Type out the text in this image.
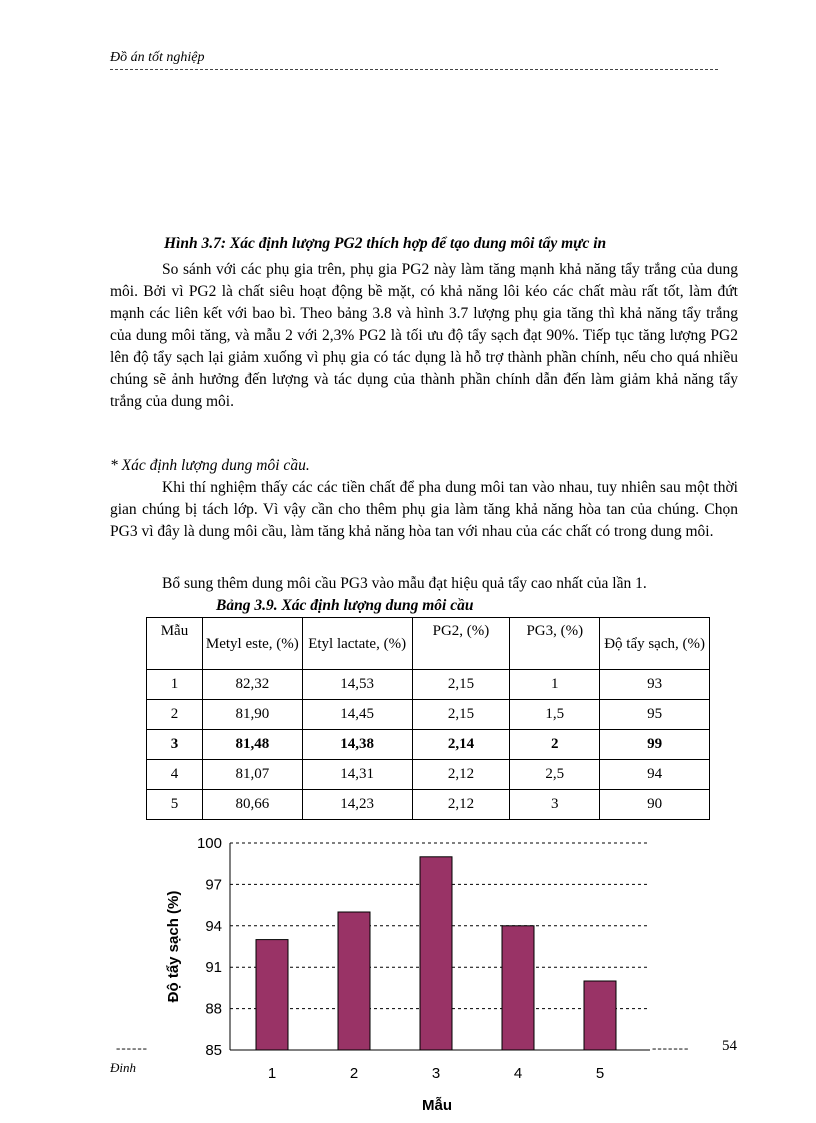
Đồ án tốt nghiệp
Hình 3.7: Xác định lượng PG2 thích hợp để tạo dung môi tẩy mực in
So sánh với các phụ gia trên, phụ gia PG2 này làm tăng mạnh khả năng tẩy trắng của dung môi. Bởi vì PG2 là chất siêu hoạt động bề mặt, có khả năng lôi kéo các chất màu rất tốt, làm đứt mạnh các liên kết với bao bì. Theo bảng 3.8 và hình 3.7 lượng phụ gia tăng thì khả năng tẩy trắng của dung môi tăng, và mẫu 2 với 2,3% PG2 là tối ưu độ tẩy sạch đạt 90%. Tiếp tục tăng lượng PG2 lên độ tẩy sạch lại giảm xuống vì phụ gia có tác dụng là hỗ trợ thành phần chính, nếu cho quá nhiều chúng sẽ ảnh hưởng đến lượng và tác dụng của thành phần chính dẫn đến làm giảm khả năng tẩy trắng của dung môi.
* Xác định lượng dung môi cầu.
Khi thí nghiệm thấy các các tiền chất để pha dung môi tan vào nhau, tuy nhiên sau một thời gian chúng bị tách lớp. Vì vậy cần cho thêm phụ gia làm tăng khả năng hòa tan của chúng. Chọn PG3 vì đây là dung môi cầu, làm tăng khả năng hòa tan với nhau của các chất có trong dung môi.
Bổ sung thêm dung môi cầu PG3 vào mẫu đạt hiệu quả tẩy cao nhất của lần 1.
Bảng 3.9. Xác định lượng dung môi cầu
Mẫu	Metyl este, (%)	Etyl lactate, (%)	PG2, (%)	PG3, (%)	Độ tẩy sạch, (%)
1	82,32	14,53	2,15	1	93
2	81,90	14,45	2,15	1,5	95
3	81,48	14,38	2,14	2	99
4	81,07	14,31	2,12	2,5	94
5	80,66	14,23	2,12	3	90
85
88
91
94
97
100
1	2	3	4	5
Mẫu
Độ tẩy sạch (%)
------	------- 54
Đinh
